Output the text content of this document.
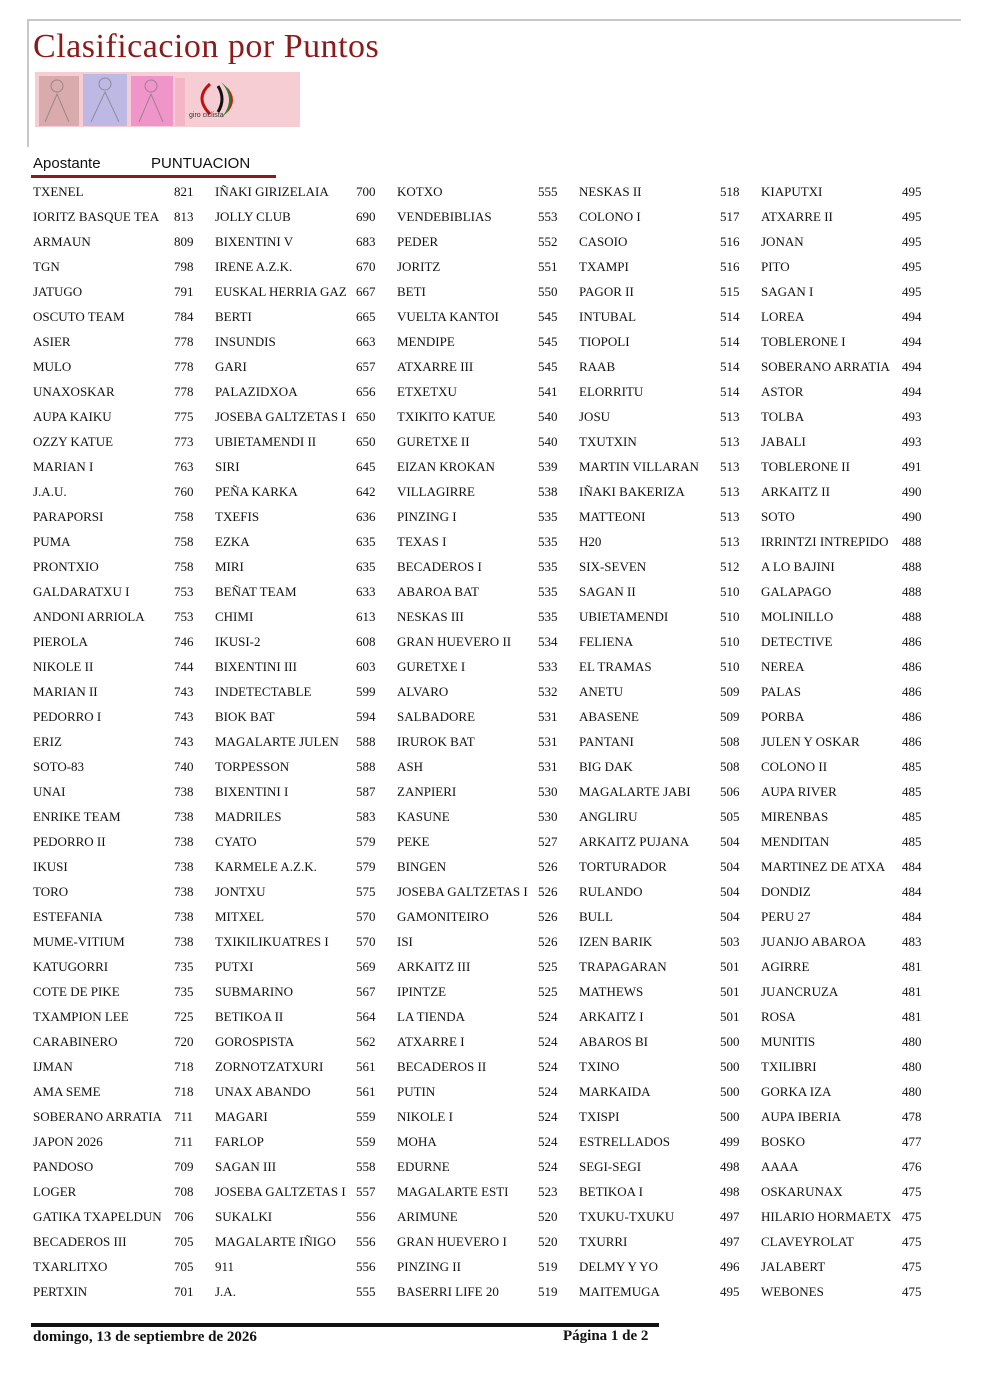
Clasificacion por Puntos
giro ciclista
Apostante	PUNTUACION
TXENEL	821
IORITZ BASQUE TEA	813
ARMAUN	809
TGN	798
JATUGO	791
OSCUTO TEAM	784
ASIER	778
MULO	778
UNAXOSKAR	778
AUPA KAIKU	775
OZZY KATUE	773
MARIAN I	763
J.A.U.	760
PARAPORSI	758
PUMA	758
PRONTXIO	758
GALDARATXU I	753
ANDONI ARRIOLA	753
PIEROLA	746
NIKOLE II	744
MARIAN II	743
PEDORRO I	743
ERIZ	743
SOTO-83	740
UNAI	738
ENRIKE TEAM	738
PEDORRO II	738
IKUSI	738
TORO	738
ESTEFANIA	738
MUME-VITIUM	738
KATUGORRI	735
COTE DE PIKE	735
TXAMPION LEE	725
CARABINERO	720
IJMAN	718
AMA SEME	718
SOBERANO ARRATIA 711
JAPON 2026	711
PANDOSO	709
LOGER	708
GATIKA TXAPELDUN 706
BECADEROS III	705
TXARLITXO	705
PERTXIN	701
IÑAKI GIRIZELAIA	700
JOLLY CLUB	690
BIXENTINI V	683
IRENE A.Z.K.	670
EUSKAL HERRIA GAZ 667
BERTI	665
INSUNDIS	663
GARI	657
PALAZIDXOA	656
JOSEBA GALTZETAS I 650
UBIETAMENDI II	650
SIRI	645
PEÑA KARKA	642
TXEFIS	636
EZKA	635
MIRI	635
BEÑAT TEAM	633
CHIMI	613
IKUSI-2	608
BIXENTINI III	603
INDETECTABLE	599
BIOK BAT	594
MAGALARTE JULEN	588
TORPESSON	588
BIXENTINI I	587
MADRILES	583
CYATO	579
KARMELE A.Z.K.	579
JONTXU	575
MITXEL	570
TXIKILIKUATRES I	570
PUTXI	569
SUBMARINO	567
BETIKOA II	564
GOROSPISTA	562
ZORNOTZATXURI	561
UNAX ABANDO	561
MAGARI	559
FARLOP	559
SAGAN III	558
JOSEBA GALTZETAS I 557
SUKALKI	556
MAGALARTE IÑIGO	556
911	556
J.A.	555
KOTXO	555
VENDEBIBLIAS	553
PEDER	552
JORITZ	551
BETI	550
VUELTA KANTOI	545
MENDIPE	545
ATXARRE III	545
ETXETXU	541
TXIKITO KATUE	540
GURETXE II	540
EIZAN KROKAN	539
VILLAGIRRE	538
PINZING I	535
TEXAS I	535
BECADEROS I	535
ABAROA BAT	535
NESKAS III	535
GRAN HUEVERO II	534
GURETXE I	533
ALVARO	532
SALBADORE	531
IRUROK BAT	531
ASH	531
ZANPIERI	530
KASUNE	530
PEKE	527
BINGEN	526
JOSEBA GALTZETAS I 526
GAMONITEIRO	526
ISI	526
ARKAITZ III	525
IPINTZE	525
LA TIENDA	524
ATXARRE I	524
BECADEROS II	524
PUTIN	524
NIKOLE I	524
MOHA	524
EDURNE	524
MAGALARTE ESTI	523
ARIMUNE	520
GRAN HUEVERO I	520
PINZING II	519
BASERRI LIFE 20	519
NESKAS II	518
COLONO I	517
CASOIO	516
TXAMPI	516
PAGOR II	515
INTUBAL	514
TIOPOLI	514
RAAB	514
ELORRITU	514
JOSU	513
TXUTXIN	513
MARTIN VILLARAN	513
IÑAKI BAKERIZA	513
MATTEONI	513
H20	513
SIX-SEVEN	512
SAGAN II	510
UBIETAMENDI	510
FELIENA	510
EL TRAMAS	510
ANETU	509
ABASENE	509
PANTANI	508
BIG DAK	508
MAGALARTE JABI	506
ANGLIRU	505
ARKAITZ PUJANA	504
TORTURADOR	504
RULANDO	504
BULL	504
IZEN BARIK	503
TRAPAGARAN	501
MATHEWS	501
ARKAITZ I	501
ABAROS BI	500
TXINO	500
MARKAIDA	500
TXISPI	500
ESTRELLADOS	499
SEGI-SEGI	498
BETIKOA I	498
TXUKU-TXUKU	497
TXURRI	497
DELMY Y YO	496
MAITEMUGA	495
KIAPUTXI	495
ATXARRE II	495
JONAN	495
PITO	495
SAGAN I	495
LOREA	494
TOBLERONE I	494
SOBERANO ARRATIA 494
ASTOR	494
TOLBA	493
JABALI	493
TOBLERONE II	491
ARKAITZ II	490
SOTO	490
IRRINTZI INTREPIDO	488
A LO BAJINI	488
GALAPAGO	488
MOLINILLO	488
DETECTIVE	486
NEREA	486
PALAS	486
PORBA	486
JULEN Y OSKAR	486
COLONO II	485
AUPA RIVER	485
MIRENBAS	485
MENDITAN	485
MARTINEZ DE ATXA	484
DONDIZ	484
PERU 27	484
JUANJO ABAROA	483
AGIRRE	481
JUANCRUZA	481
ROSA	481
MUNITIS	480
TXILIBRI	480
GORKA IZA	480
AUPA IBERIA	478
BOSKO	477
AAAA	476
OSKARUNAX	475
HILARIO HORMAETX 475
CLAVEYROLAT	475
JALABERT	475
WEBONES	475
domingo, 13 de septiembre de 2026	Página 1 de 2
